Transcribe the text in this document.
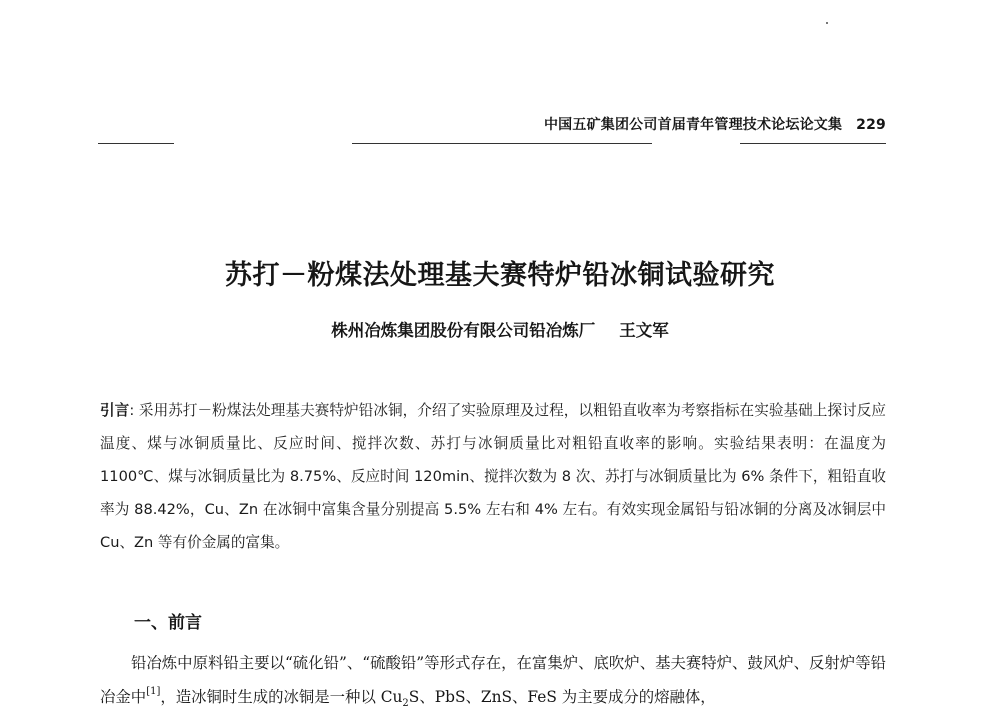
中国五矿集团公司首届青年管理技术论坛论文集 229
苏打－粉煤法处理基夫赛特炉铅冰铜试验研究
株州冶炼集团股份有限公司铅冶炼厂 王文军
引言: 采用苏打－粉煤法处理基夫赛特炉铅冰铜，介绍了实验原理及过程，以粗铅直收率为考察指标在实验基础上探讨反应温度、煤与冰铜质量比、反应时间、搅拌次数、苏打与冰铜质量比对粗铅直收率的影响。实验结果表明：在温度为 1100℃、煤与冰铜质量比为 8.75%、反应时间 120min、搅拌次数为 8 次、苏打与冰铜质量比为 6% 条件下，粗铅直收率为 88.42%，Cu、Zn 在冰铜中富集含量分别提高 5.5% 左右和 4% 左右。有效实现金属铅与铅冰铜的分离及冰铜层中 Cu、Zn 等有价金属的富集。
一、前言
铅冶炼中原料铅主要以“硫化铅”、“硫酸铅”等形式存在，在富集炉、底吹炉、基夫赛特炉、鼓风炉、反射炉等铅冶金中[1]，造冰铜时生成的冰铜是一种以 $Cu_2S$、PbS、ZnS、FeS 为主要成分的熔融体，
